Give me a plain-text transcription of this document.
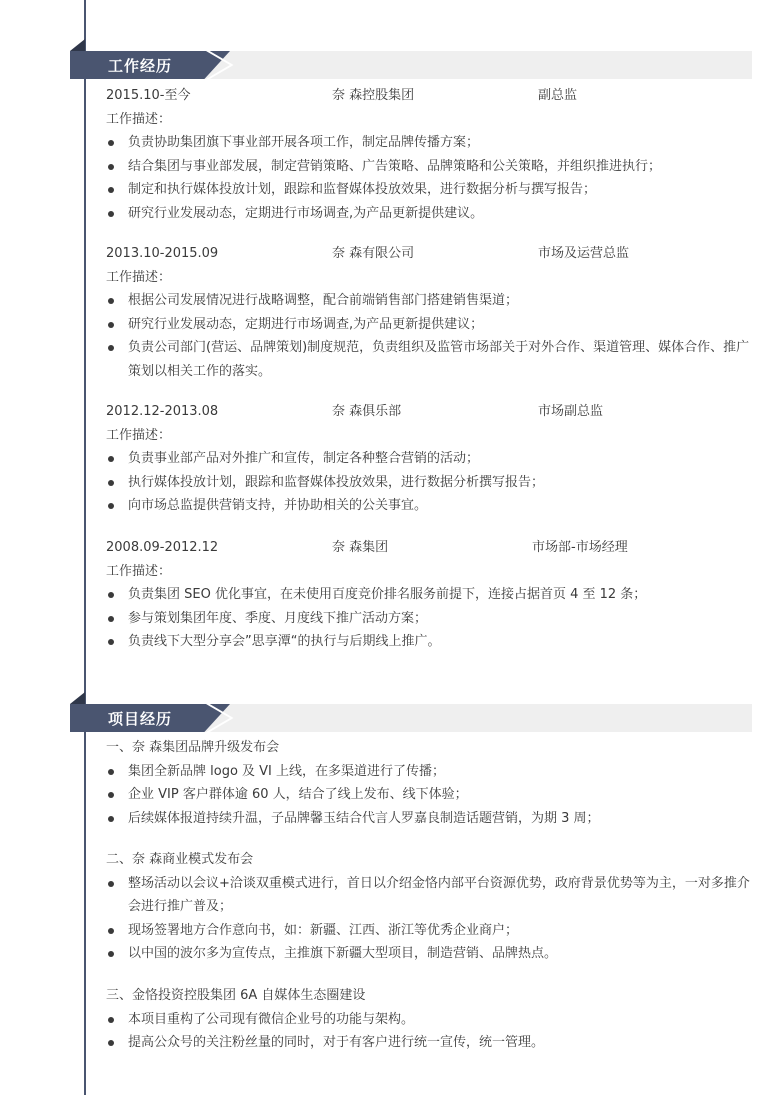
工作经历
2015.10-至今	奈 森控股集团	副总监
工作描述：
负责协助集团旗下事业部开展各项工作，制定品牌传播方案；
结合集团与事业部发展，制定营销策略、广告策略、品牌策略和公关策略，并组织推进执行；
制定和执行媒体投放计划，跟踪和监督媒体投放效果，进行数据分析与撰写报告；
研究行业发展动态，定期进行市场调查,为产品更新提供建议。
2013.10-2015.09	奈 森有限公司	市场及运营总监
工作描述：
根据公司发展情况进行战略调整，配合前端销售部门搭建销售渠道；
研究行业发展动态，定期进行市场调查,为产品更新提供建议；
负责公司部门(营运、品牌策划)制度规范，负责组织及监管市场部关于对外合作、渠道管理、媒体合作、推广策划以相关工作的落实。
2012.12-2013.08	奈 森俱乐部	市场副总监
工作描述：
负责事业部产品对外推广和宣传，制定各种整合营销的活动；
执行媒体投放计划，跟踪和监督媒体投放效果，进行数据分析撰写报告；
向市场总监提供营销支持，并协助相关的公关事宜。
2008.09-2012.12	奈 森集团	市场部-市场经理
工作描述：
负责集团 SEO 优化事宜，在未使用百度竞价排名服务前提下，连接占据首页 4 至 12 条；
参与策划集团年度、季度、月度线下推广活动方案；
负责线下大型分享会”思享潭“的执行与后期线上推广。
项目经历
一、奈 森集团品牌升级发布会
集团全新品牌 logo 及 VI 上线，在多渠道进行了传播；
企业 VIP 客户群体逾 60 人，结合了线上发布、线下体验；
后续媒体报道持续升温，子品牌馨玉结合代言人罗嘉良制造话题营销，为期 3 周；
二、奈 森商业模式发布会
整场活动以会议+洽谈双重模式进行，首日以介绍金恪内部平台资源优势，政府背景优势等为主，一对多推介会进行推广普及；
现场签署地方合作意向书，如：新疆、江西、浙江等优秀企业商户；
以中国的波尔多为宣传点，主推旗下新疆大型项目，制造营销、品牌热点。
三、金恪投资控股集团 6A 自媒体生态圈建设
本项目重构了公司现有微信企业号的功能与架构。
提高公众号的关注粉丝量的同时，对于有客户进行统一宣传，统一管理。
